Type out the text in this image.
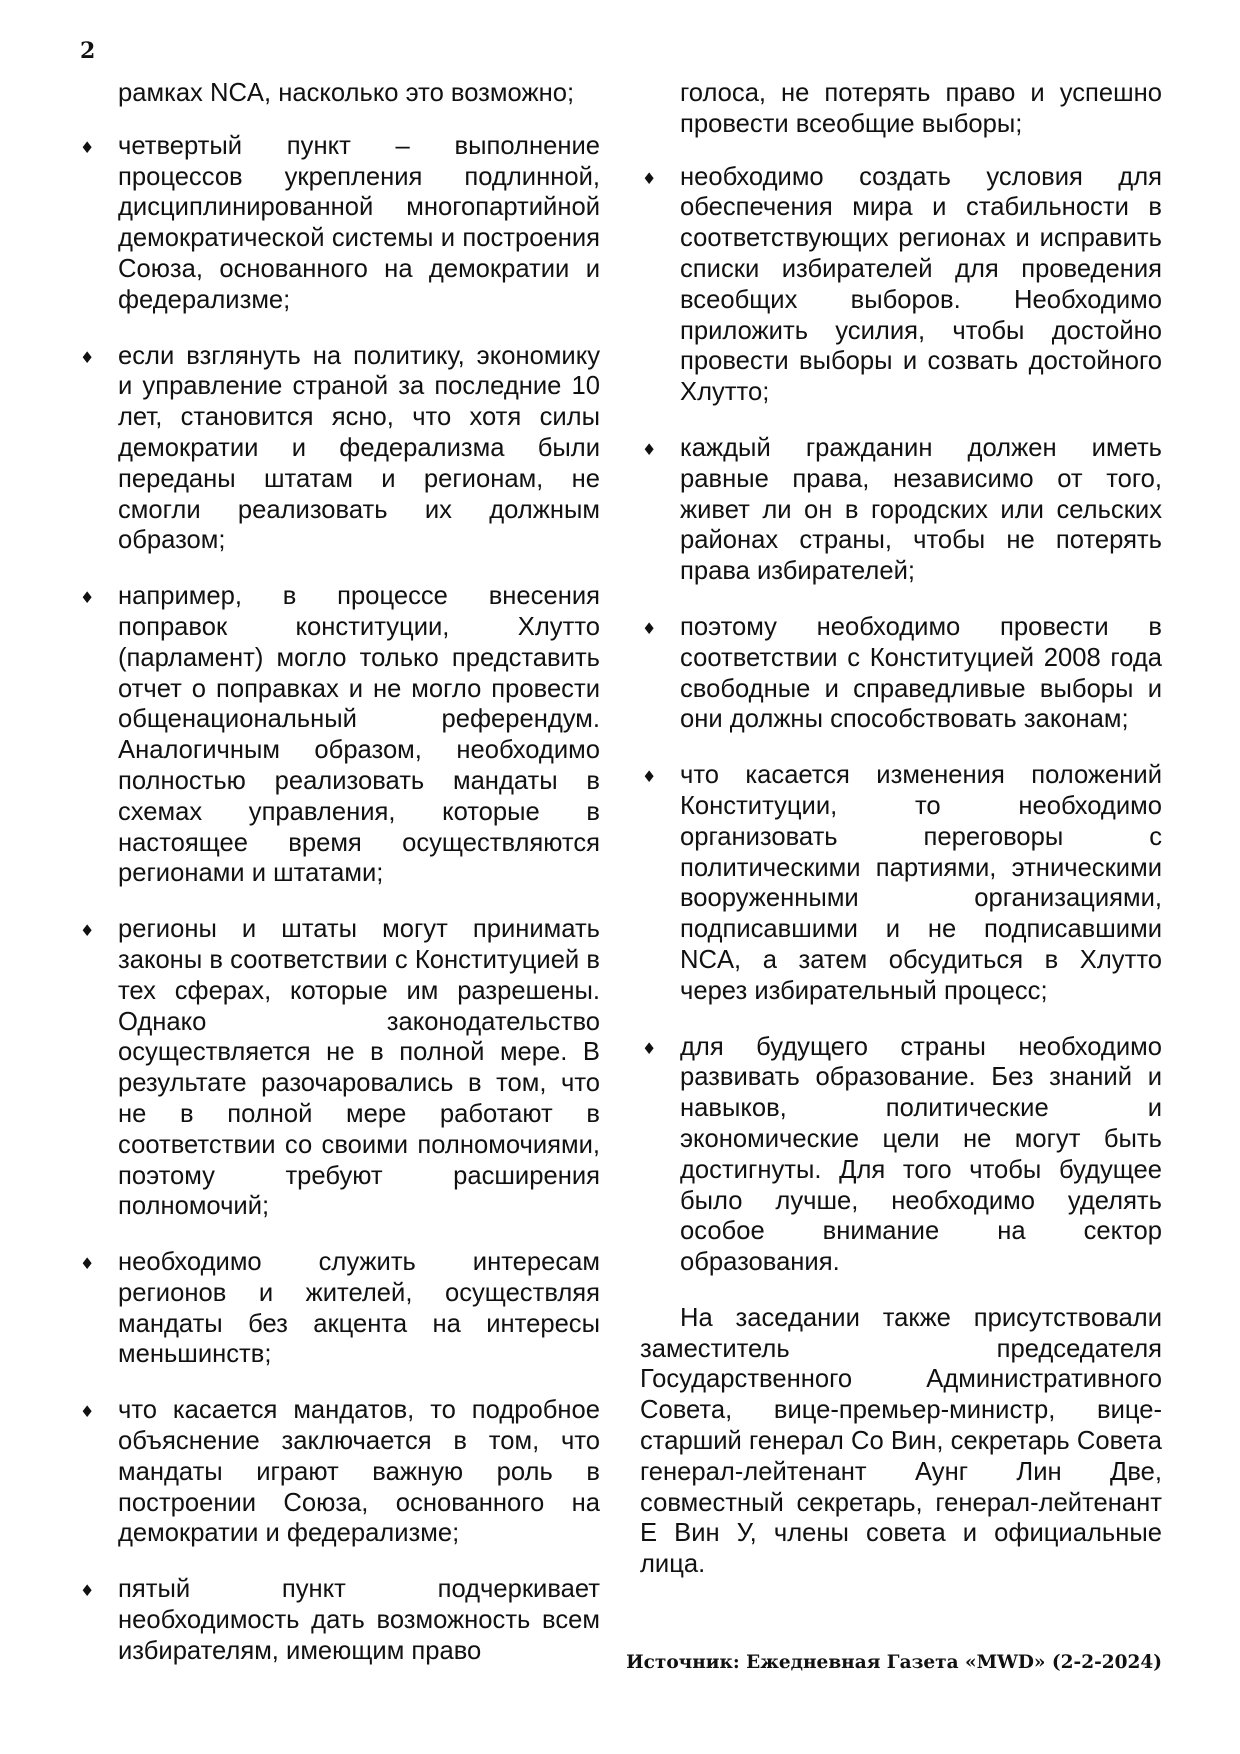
2

рамках NCA, насколько это возможно;

♦ четвертый пункт – выполнение процессов укрепления подлинной, дисциплинированной многопартийной демократической системы и построения Союза, основанного на демократии и федерализме;
♦ если взглянуть на политику, экономику и управление страной за последние 10 лет, становится ясно, что хотя силы демократии и федерализма были переданы штатам и регионам, не смогли реализовать их должным образом;
♦ например, в процессе внесения поправок конституции, Хлутто (парламент) могло только представить отчет о поправках и не могло провести общенациональный референдум. Аналогичным образом, необходимо полностью реализовать мандаты в схемах управления, которые в настоящее время осуществляются регионами и штатами;
♦ регионы и штаты могут принимать законы в соответствии с Конституцией в тех сферах, которые им разрешены. Однако законодательство осуществляется не в полной мере. В результате разочаровались в том, что не в полной мере работают в соответствии со своими полномочиями, поэтому требуют расширения полномочий;
♦ необходимо служить интересам регионов и жителей, осуществляя мандаты без акцента на интересы меньшинств;
♦ что касается мандатов, то подробное объяснение заключается в том, что мандаты играют важную роль в построении Союза, основанного на демократии и федерализме;
♦ пятый пункт подчеркивает необходимость дать возможность всем избирателям, имеющим право

голоса, не потерять право и успешно провести всеобщие выборы;

♦ необходимо создать условия для обеспечения мира и стабильности в соответствующих регионах и исправить списки избирателей для проведения всеобщих выборов. Необходимо приложить усилия, чтобы достойно провести выборы и созвать достойного Хлутто;
♦ каждый гражданин должен иметь равные права, независимо от того, живет ли он в городских или сельских районах страны, чтобы не потерять права избирателей;
♦ поэтому необходимо провести в соответствии с Конституцией 2008 года свободные и справедливые выборы и они должны способствовать законам;
♦ что касается изменения положений Конституции, то необходимо организовать переговоры с политическими партиями, этническими вооруженными организациями, подписавшими и не подписавшими NCA, а затем обсудиться в Хлутто через избирательный процесс;
♦ для будущего страны необходимо развивать образование. Без знаний и навыков, политические и экономические цели не могут быть достигнуты. Для того чтобы будущее было лучше, необходимо уделять особое внимание на сектор образования.

На заседании также присутствовали заместитель председателя Государственного Административного Совета, вице-премьер-министр, вице-старший генерал Со Вин, секретарь Совета генерал-лейтенант Аунг Лин Две, совместный секретарь, генерал-лейтенант Е Вин У, члены совета и официальные лица.

Источник: Ежедневная Газета «MWD» (2-2-2024)
